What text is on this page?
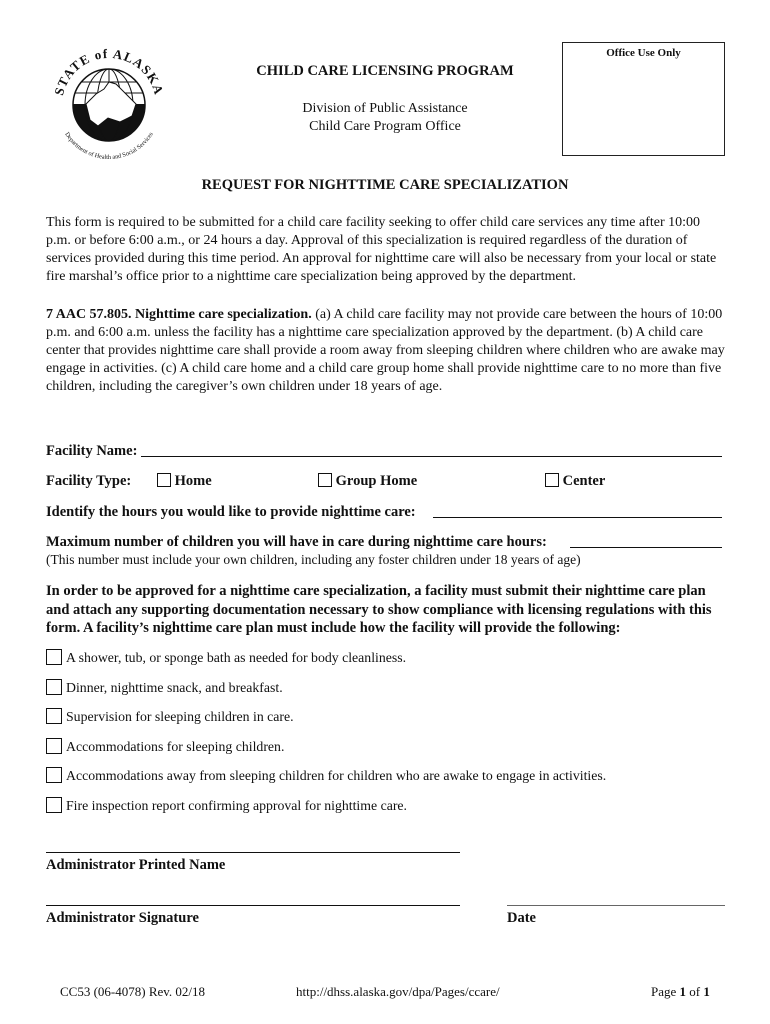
STATE of ALASKA
Department of Health and Social Services
Office Use Only
CHILD CARE LICENSING PROGRAM
Division of Public Assistance
Child Care Program Office
REQUEST FOR NIGHTTIME CARE SPECIALIZATION
This form is required to be submitted for a child care facility seeking to offer child care services any time after 10:00 p.m. or before 6:00 a.m., or 24 hours a day. Approval of this specialization is required regardless of the duration of services provided during this time period. An approval for nighttime care will also be necessary from your local or state fire marshal’s office prior to a nighttime care specialization being approved by the department.
7 AAC 57.805. Nighttime care specialization. (a) A child care facility may not provide care between the hours of 10:00 p.m. and 6:00 a.m. unless the facility has a nighttime care specialization approved by the department. (b) A child care center that provides nighttime care shall provide a room away from sleeping children where children who are awake may engage in activities. (c) A child care home and a child care group home shall provide nighttime care to no more than five children, including the caregiver’s own children under 18 years of age.
Facility Name:
Facility Type:	Home	Group Home	Center
Identify the hours you would like to provide nighttime care:
Maximum number of children you will have in care during nighttime care hours:
(This number must include your own children, including any foster children under 18 years of age)
In order to be approved for a nighttime care specialization, a facility must submit their nighttime care plan and attach any supporting documentation necessary to show compliance with licensing regulations with this form. A facility’s nighttime care plan must include how the facility will provide the following:
A shower, tub, or sponge bath as needed for body cleanliness.
Dinner, nighttime snack, and breakfast.
Supervision for sleeping children in care.
Accommodations for sleeping children.
Accommodations away from sleeping children for children who are awake to engage in activities.
Fire inspection report confirming approval for nighttime care.
Administrator Printed Name
Administrator Signature	Date
CC53 (06-4078) Rev. 02/18	http://dhss.alaska.gov/dpa/Pages/ccare/	Page 1 of 1
